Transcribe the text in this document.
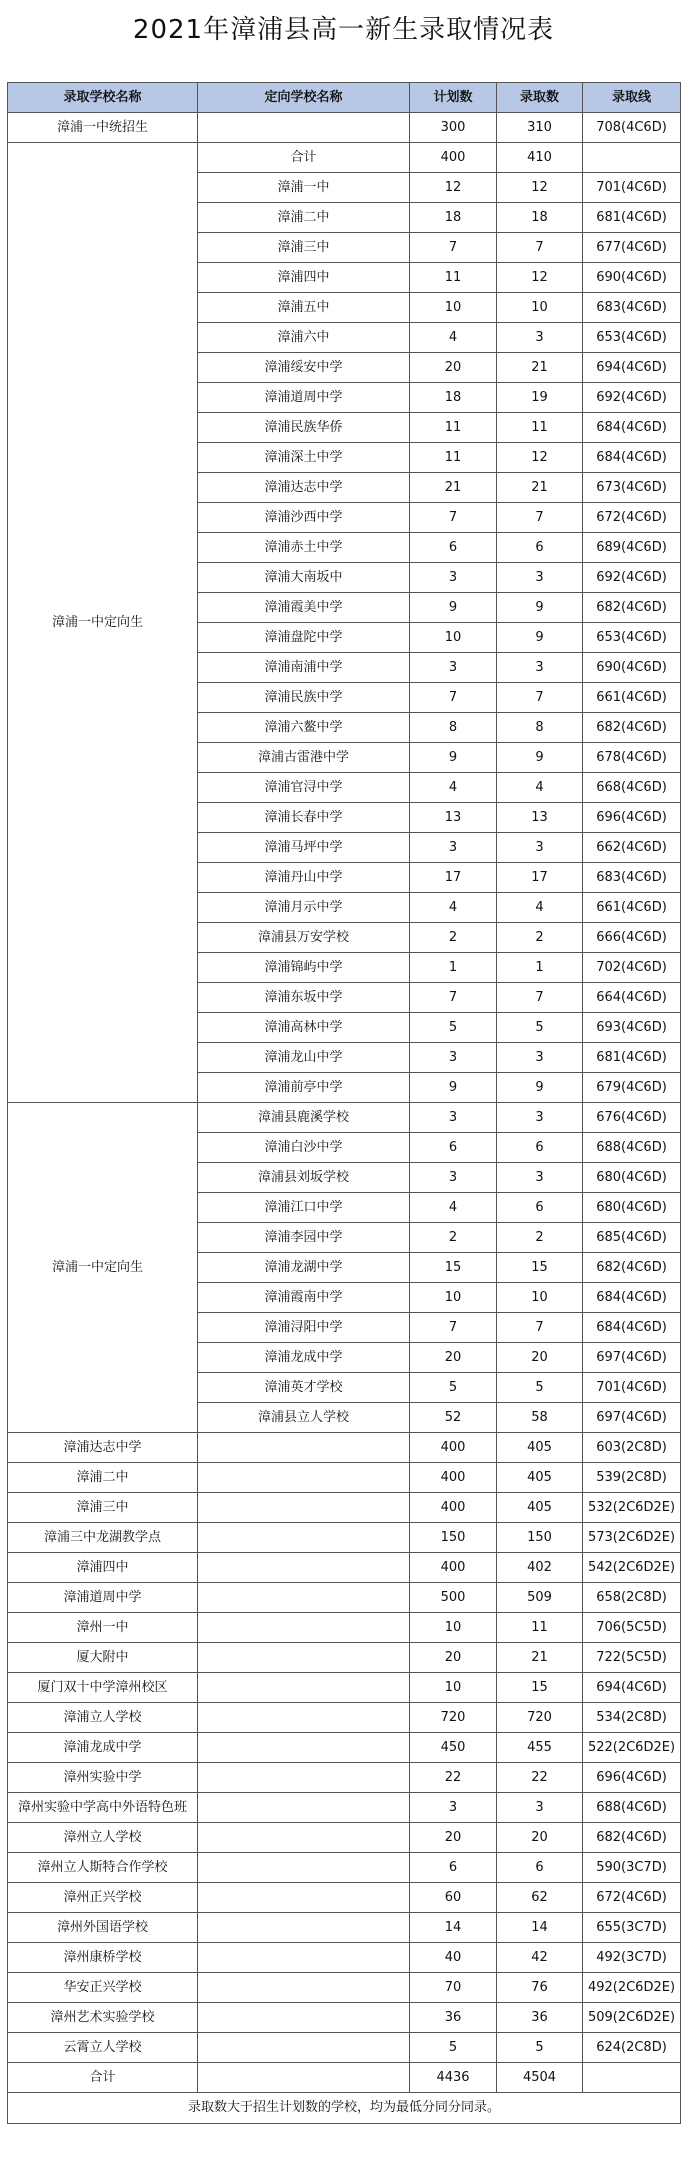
2021年漳浦县高一新生录取情况表
录取学校名称	定向学校名称	计划数	录取数	录取线
漳浦一中统招生		300	310	708(4C6D)
漳浦一中定向生	合计	400	410	
	漳浦一中	12	12	701(4C6D)
	漳浦二中	18	18	681(4C6D)
	漳浦三中	7	7	677(4C6D)
	漳浦四中	11	12	690(4C6D)
	漳浦五中	10	10	683(4C6D)
	漳浦六中	4	3	653(4C6D)
	漳浦绥安中学	20	21	694(4C6D)
	漳浦道周中学	18	19	692(4C6D)
	漳浦民族华侨	11	11	684(4C6D)
	漳浦深土中学	11	12	684(4C6D)
	漳浦达志中学	21	21	673(4C6D)
	漳浦沙西中学	7	7	672(4C6D)
	漳浦赤土中学	6	6	689(4C6D)
	漳浦大南坂中	3	3	692(4C6D)
	漳浦霞美中学	9	9	682(4C6D)
	漳浦盘陀中学	10	9	653(4C6D)
	漳浦南浦中学	3	3	690(4C6D)
	漳浦民族中学	7	7	661(4C6D)
	漳浦六鳌中学	8	8	682(4C6D)
	漳浦古雷港中学	9	9	678(4C6D)
	漳浦官浔中学	4	4	668(4C6D)
	漳浦长春中学	13	13	696(4C6D)
	漳浦马坪中学	3	3	662(4C6D)
	漳浦丹山中学	17	17	683(4C6D)
	漳浦月示中学	4	4	661(4C6D)
	漳浦县万安学校	2	2	666(4C6D)
	漳浦锦屿中学	1	1	702(4C6D)
	漳浦东坂中学	7	7	664(4C6D)
	漳浦高林中学	5	5	693(4C6D)
	漳浦龙山中学	3	3	681(4C6D)
	漳浦前亭中学	9	9	679(4C6D)
漳浦一中定向生	漳浦县鹿溪学校	3	3	676(4C6D)
	漳浦白沙中学	6	6	688(4C6D)
	漳浦县刘坂学校	3	3	680(4C6D)
	漳浦江口中学	4	6	680(4C6D)
	漳浦李园中学	2	2	685(4C6D)
	漳浦龙湖中学	15	15	682(4C6D)
	漳浦霞南中学	10	10	684(4C6D)
	漳浦浔阳中学	7	7	684(4C6D)
	漳浦龙成中学	20	20	697(4C6D)
	漳浦英才学校	5	5	701(4C6D)
	漳浦县立人学校	52	58	697(4C6D)
漳浦达志中学		400	405	603(2C8D)
漳浦二中		400	405	539(2C8D)
漳浦三中		400	405	532(2C6D2E)
漳浦三中龙湖教学点		150	150	573(2C6D2E)
漳浦四中		400	402	542(2C6D2E)
漳浦道周中学		500	509	658(2C8D)
漳州一中		10	11	706(5C5D)
厦大附中		20	21	722(5C5D)
厦门双十中学漳州校区		10	15	694(4C6D)
漳浦立人学校		720	720	534(2C8D)
漳浦龙成中学		450	455	522(2C6D2E)
漳州实验中学		22	22	696(4C6D)
漳州实验中学高中外语特色班		3	3	688(4C6D)
漳州立人学校		20	20	682(4C6D)
漳州立人斯特合作学校		6	6	590(3C7D)
漳州正兴学校		60	62	672(4C6D)
漳州外国语学校		14	14	655(3C7D)
漳州康桥学校		40	42	492(3C7D)
华安正兴学校		70	76	492(2C6D2E)
漳州艺术实验学校		36	36	509(2C6D2E)
云霄立人学校		5	5	624(2C8D)
合计		4436	4504	
录取数大于招生计划数的学校，均为最低分同分同录。				
